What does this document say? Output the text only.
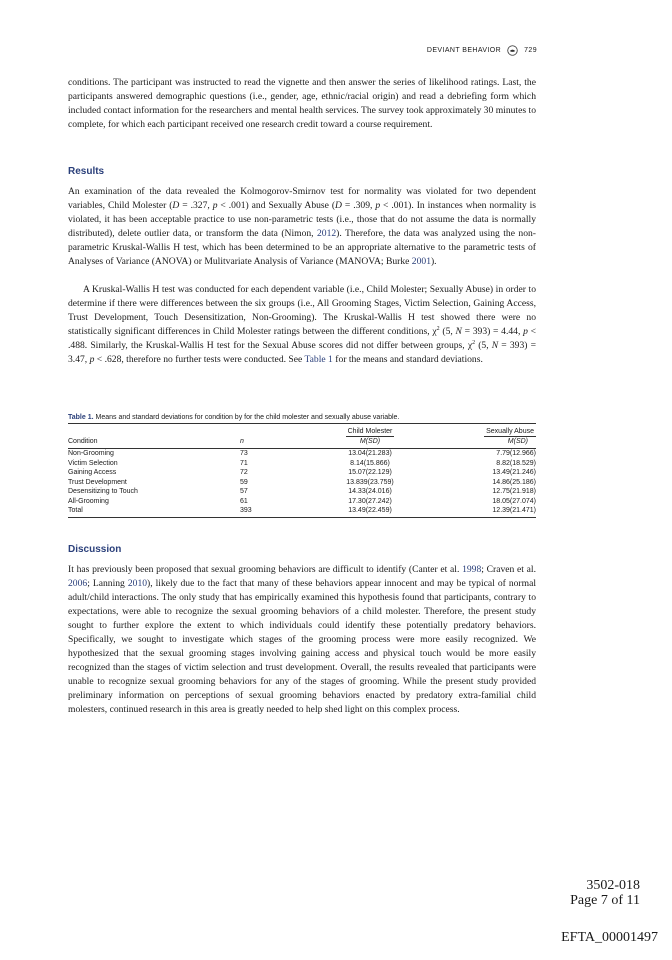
DEVIANT BEHAVIOR	729
conditions. The participant was instructed to read the vignette and then answer the series of likelihood ratings. Last, the participants answered demographic questions (i.e., gender, age, ethnic/racial origin) and read a debriefing form which included contact information for the researchers and mental health services. The survey took approximately 30 minutes to complete, for which each participant received one research credit toward a course requirement.
Results
An examination of the data revealed the Kolmogorov-Smirnov test for normality was violated for two dependent variables, Child Molester (D = .327, p < .001) and Sexually Abuse (D = .309, p < .001). In instances when normality is violated, it has been acceptable practice to use non-parametric tests (i.e., those that do not assume the data is normally distributed), delete outlier data, or transform the data (Nimon, 2012). Therefore, the data was analyzed using the non-parametric Kruskal-Wallis H test, which has been determined to be an appropriate alternative to the parametric tests of Analyses of Variance (ANOVA) or Mulitvariate Analysis of Variance (MANOVA; Burke 2001).
A Kruskal-Wallis H test was conducted for each dependent variable (i.e., Child Molester; Sexually Abuse) in order to determine if there were differences between the six groups (i.e., All Grooming Stages, Victim Selection, Gaining Access, Trust Development, Touch Desensitization, Non-Grooming). The Kruskal-Wallis H test showed there were no statistically significant differences in Child Molester ratings between the different conditions, $\chi^2$ (5, N = 393) = 4.44, p < .488. Similarly, the Kruskal-Wallis H test for the Sexual Abuse scores did not differ between groups, $\chi^2$ (5, N = 393) = 3.47, p < .628, therefore no further tests were conducted. See Table 1 for the means and standard deviations.
Table 1. Means and standard deviations for condition by for the child molester and sexually abuse variable.
		Child Molester	Sexually Abuse
Condition	n	M(SD)	M(SD)
Non-Grooming	73	13.04(21.283)	7.79(12.966)
Victim Selection	71	8.14(15.866)	8.82(18.529)
Gaining Access	72	15.07(22.129)	13.49(21.246)
Trust Development	59	13.839(23.759)	14.86(25.186)
Desensitizing to Touch	57	14.33(24.016)	12.75(21.918)
All-Grooming	61	17.30(27.242)	18.05(27.074)
Total	393	13.49(22.459)	12.39(21.471)
Discussion
It has previously been proposed that sexual grooming behaviors are difficult to identify (Canter et al. 1998; Craven et al. 2006; Lanning 2010), likely due to the fact that many of these behaviors appear innocent and may be typical of normal adult/child interactions. The only study that has empirically examined this hypothesis found that participants, contrary to expectations, were able to recognize the sexual grooming behaviors of a child molester. Therefore, the present study sought to further explore the extent to which individuals could identify these potentially predatory behaviors. Specifically, we sought to investigate which stages of the grooming process were more easily recognized. We hypothesized that the sexual grooming stages involving gaining access and physical touch would be more easily recognized than the stages of victim selection and trust development. Overall, the results revealed that participants were unable to recognize sexual grooming behaviors for any of the stages of grooming. While the present study provided preliminary information on perceptions of sexual grooming behaviors enacted by predatory extra-familial child molesters, continued research in this area is greatly needed to help shed light on this complex process.
3502-018
Page 7 of 11
EFTA_00001497
